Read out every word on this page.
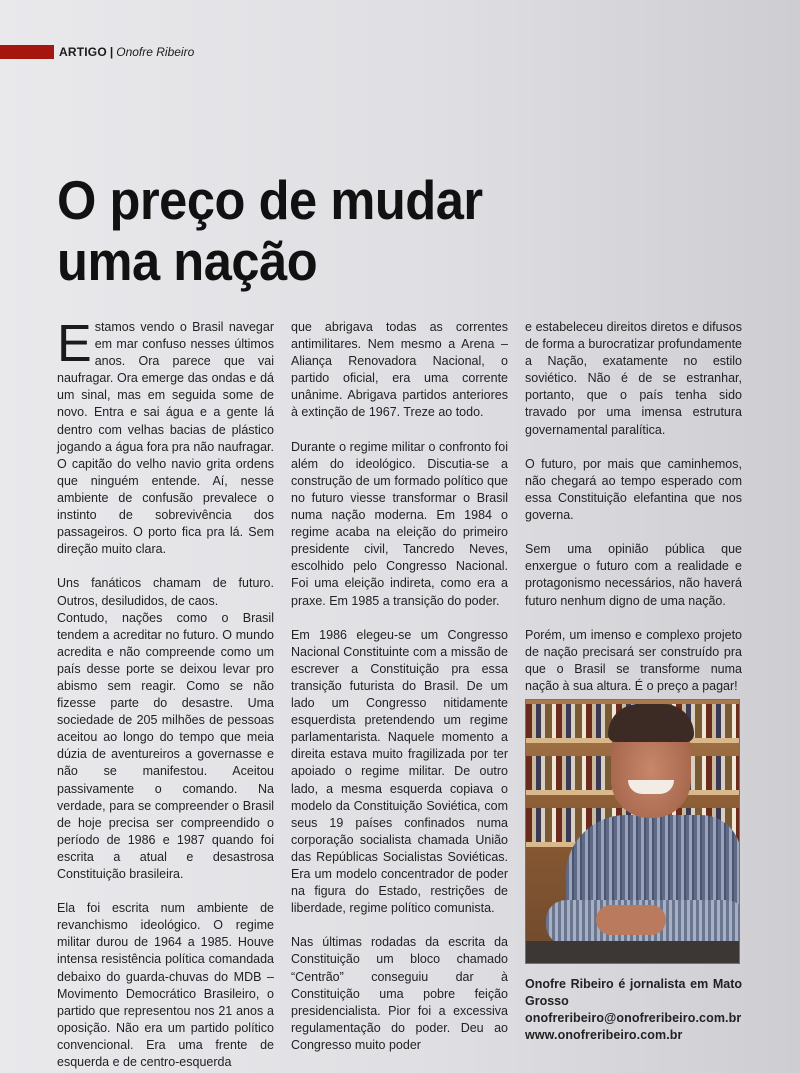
ARTIGO | Onofre Ribeiro
O preço de mudar
uma nação

Estamos vendo o Brasil navegar em mar confuso nesses últimos anos. Ora parece que vai naufragar. Ora emerge das ondas e dá um sinal, mas em seguida some de novo. Entra e sai água e a gente lá dentro com velhas bacias de plástico jogando a água fora pra não naufragar. O capitão do velho navio grita ordens que ninguém entende. Aí, nesse ambiente de confusão prevalece o instinto de sobrevivência dos passageiros. O porto fica pra lá. Sem direção muito clara.

Uns fanáticos chamam de futuro. Outros, desiludidos, de caos.

Contudo, nações como o Brasil tendem a acreditar no futuro. O mundo acredita e não compreende como um país desse porte se deixou levar pro abismo sem reagir. Como se não fizesse parte do desastre. Uma sociedade de 205 milhões de pessoas aceitou ao longo do tempo que meia dúzia de aventureiros a governasse e não se manifestou. Aceitou passivamente o comando. Na verdade, para se compreender o Brasil de hoje precisa ser compreendido o período de 1986 e 1987 quando foi escrita a atual e desastrosa Constituição brasileira.

Ela foi escrita num ambiente de revanchismo ideológico. O regime militar durou de 1964 a 1985. Houve intensa resistência política comandada debaixo do guarda-chuvas do MDB – Movimento Democrático Brasileiro, o partido que representou nos 21 anos a oposição. Não era um partido político convencional. Era uma frente de esquerda e de centro-esquerda

que abrigava todas as correntes antimilitares. Nem mesmo a Arena – Aliança Renovadora Nacional, o partido oficial, era uma corrente unânime. Abrigava partidos anteriores à extinção de 1967. Treze ao todo.

Durante o regime militar o confronto foi além do ideológico. Discutia-se a construção de um formado político que no futuro viesse transformar o Brasil numa nação moderna. Em 1984 o regime acaba na eleição do primeiro presidente civil, Tancredo Neves, escolhido pelo Congresso Nacional. Foi uma eleição indireta, como era a praxe. Em 1985 a transição do poder.

Em 1986 elegeu-se um Congresso Nacional Constituinte com a missão de escrever a Constituição pra essa transição futurista do Brasil. De um lado um Congresso nitidamente esquerdista pretendendo um regime parlamentarista. Naquele momento a direita estava muito fragilizada por ter apoiado o regime militar. De outro lado, a mesma esquerda copiava o modelo da Constituição Soviética, com seus 19 países confinados numa corporação socialista chamada União das Repúblicas Socialistas Soviéticas. Era um modelo concentrador de poder na figura do Estado, restrições de liberdade, regime político comunista.

Nas últimas rodadas da escrita da Constituição um bloco chamado “Centrão” conseguiu dar à Constituição uma pobre feição presidencialista. Pior foi a excessiva regulamentação do poder. Deu ao Congresso muito poder

e estabeleceu direitos diretos e difusos de forma a burocratizar profundamente a Nação, exatamente no estilo soviético. Não é de se estranhar, portanto, que o país tenha sido travado por uma imensa estrutura governamental paralítica.

O futuro, por mais que caminhemos, não chegará ao tempo esperado com essa Constituição elefantina que nos governa.

Sem uma opinião pública que enxergue o futuro com a realidade e protagonismo necessários, não haverá futuro nenhum digno de uma nação.

Porém, um imenso e complexo projeto de nação precisará ser construído pra que o Brasil se transforme numa nação à sua altura. É o preço a pagar!

Onofre Ribeiro é jornalista em Mato Grosso
onofreribeiro@onofreribeiro.com.br
www.onofreribeiro.com.br
